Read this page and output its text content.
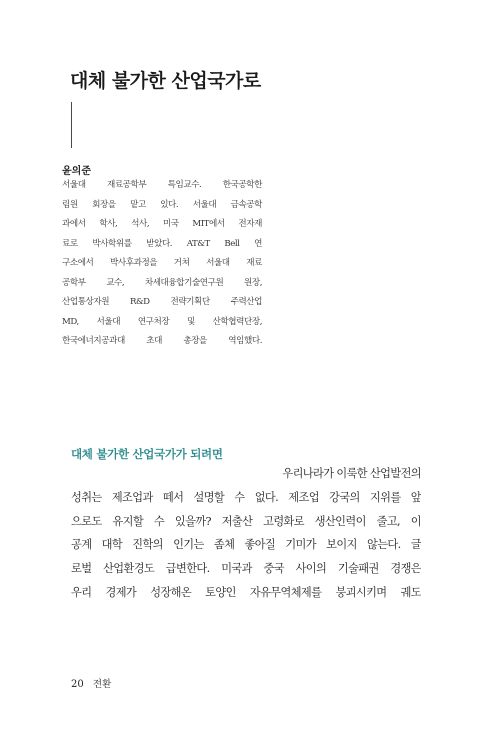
대체 불가한 산업국가로
윤의준
서울대 재료공학부 특임교수. 한국공학한
림원 회장을 맡고 있다. 서울대 금속공학
과에서 학사, 석사, 미국 MIT에서 전자재
료로 박사학위를 받았다. AT&T Bell 연
구소에서 박사후과정을 거쳐 서울대 재료
공학부 교수, 차세대융합기술연구원 원장,
산업통상자원 R&D 전략기획단 주력산업
MD, 서울대 연구처장 및 산학협력단장,
한국에너지공과대 초대 총장을 역임했다.
대체 불가한 산업국가가 되려면
우리나라가 이룩한 산업발전의
성취는 제조업과 떼서 설명할 수 없다. 제조업 강국의 지위를 앞
으로도 유지할 수 있을까? 저출산 고령화로 생산인력이 줄고, 이
공계 대학 진학의 인기는 좀체 좋아질 기미가 보이지 않는다. 글
로벌 산업환경도 급변한다. 미국과 중국 사이의 기술패권 경쟁은
우리 경제가 성장해온 토양인 자유무역체제를 붕괴시키며 궤도
20 전환
